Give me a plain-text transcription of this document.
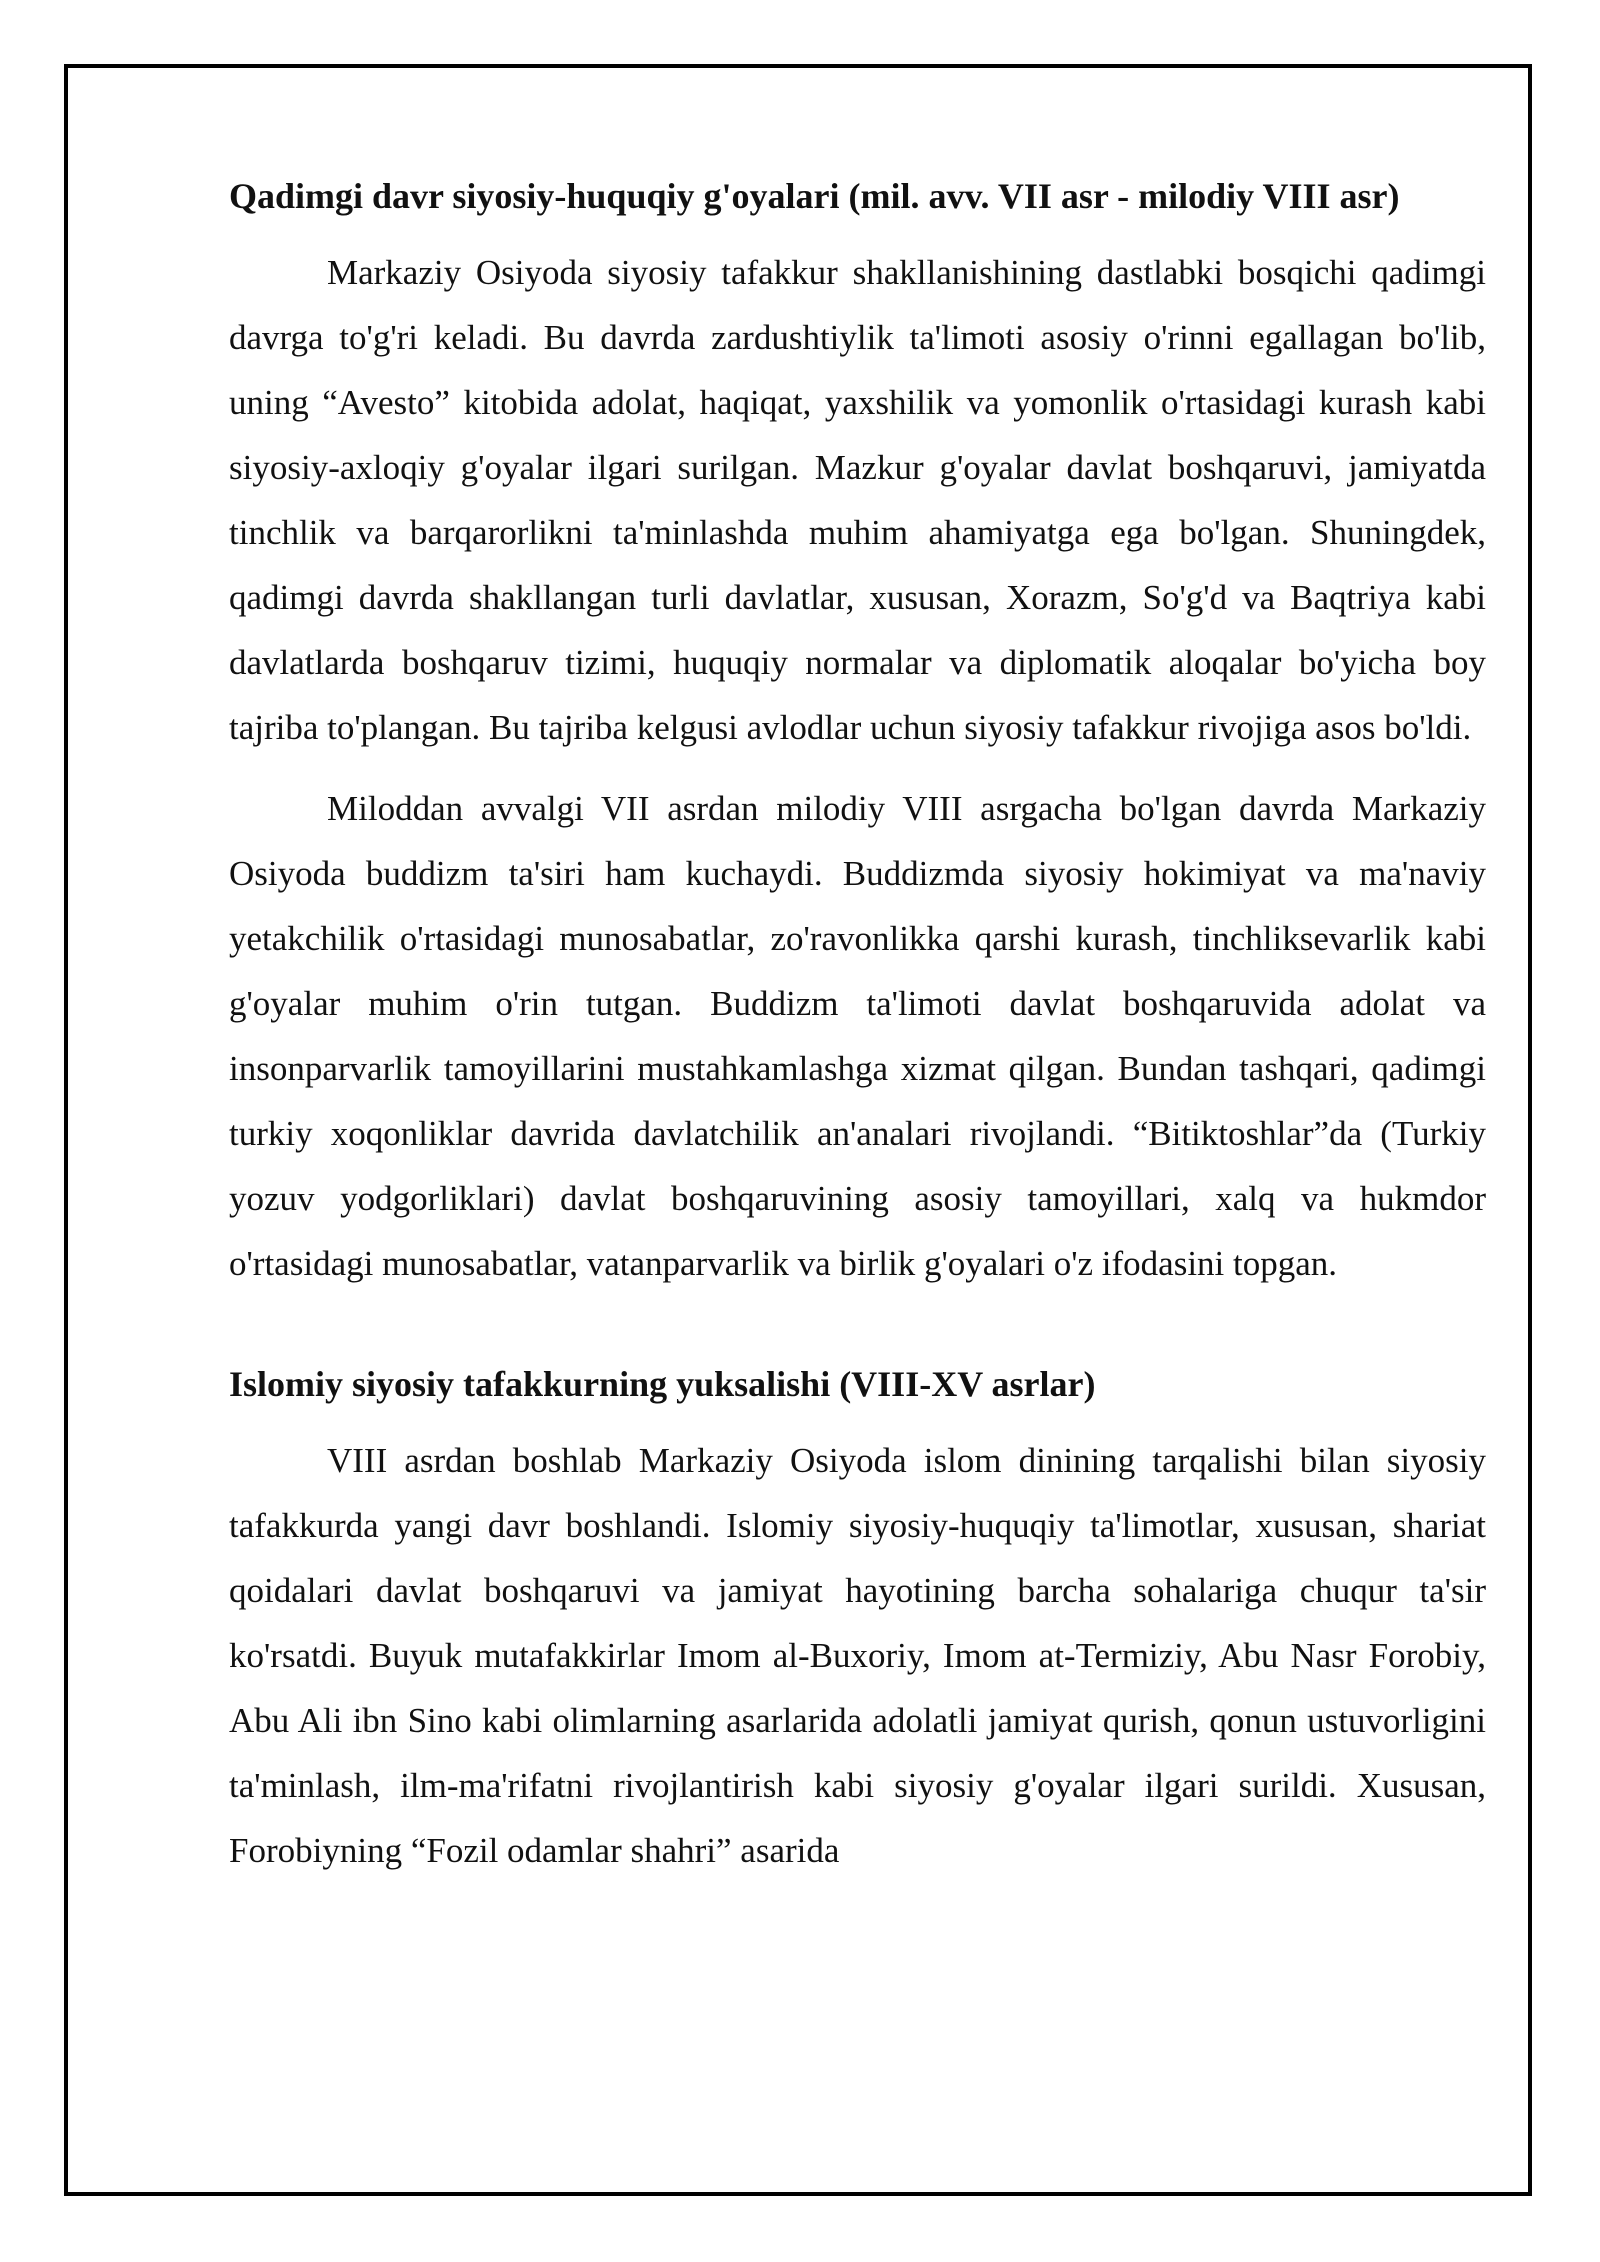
Qadimgi davr siyosiy-huquqiy g'oyalari (mil. avv. VII asr - milodiy VIII asr)

Markaziy Osiyoda siyosiy tafakkur shakllanishining dastlabki bosqichi qadimgi davrga to'g'ri keladi. Bu davrda zardushtiylik ta'limoti asosiy o'rinni egallagan bo'lib, uning “Avesto” kitobida adolat, haqiqat, yaxshilik va yomonlik o'rtasidagi kurash kabi siyosiy-axloqiy g'oyalar ilgari surilgan. Mazkur g'oyalar davlat boshqaruvi, jamiyatda tinchlik va barqarorlikni ta'minlashda muhim ahamiyatga ega bo'lgan. Shuningdek, qadimgi davrda shakllangan turli davlatlar, xususan, Xorazm, So'g'd va Baqtriya kabi davlatlarda boshqaruv tizimi, huquqiy normalar va diplomatik aloqalar bo'yicha boy tajriba to'plangan. Bu tajriba kelgusi avlodlar uchun siyosiy tafakkur rivojiga asos bo'ldi.

Miloddan avvalgi VII asrdan milodiy VIII asrgacha bo'lgan davrda Markaziy Osiyoda buddizm ta'siri ham kuchaydi. Buddizmda siyosiy hokimiyat va ma'naviy yetakchilik o'rtasidagi munosabatlar, zo'ravonlikka qarshi kurash, tinchliksevarlik kabi g'oyalar muhim o'rin tutgan. Buddizm ta'limoti davlat boshqaruvida adolat va insonparvarlik tamoyillarini mustahkamlashga xizmat qilgan. Bundan tashqari, qadimgi turkiy xoqonliklar davrida davlatchilik an'analari rivojlandi. “Bitiktoshlar”da (Turkiy yozuv yodgorliklari) davlat boshqaruvining asosiy tamoyillari, xalq va hukmdor o'rtasidagi munosabatlar, vatanparvarlik va birlik g'oyalari o'z ifodasini topgan.

Islomiy siyosiy tafakkurning yuksalishi (VIII-XV asrlar)

VIII asrdan boshlab Markaziy Osiyoda islom dinining tarqalishi bilan siyosiy tafakkurda yangi davr boshlandi. Islomiy siyosiy-huquqiy ta'limotlar, xususan, shariat qoidalari davlat boshqaruvi va jamiyat hayotining barcha sohalariga chuqur ta'sir ko'rsatdi. Buyuk mutafakkirlar Imom al-Buxoriy, Imom at-Termiziy, Abu Nasr Forobiy, Abu Ali ibn Sino kabi olimlarning asarlarida adolatli jamiyat qurish, qonun ustuvorligini ta'minlash, ilm-ma'rifatni rivojlantirish kabi siyosiy g'oyalar ilgari surildi. Xususan, Forobiyning “Fozil odamlar shahri” asarida
